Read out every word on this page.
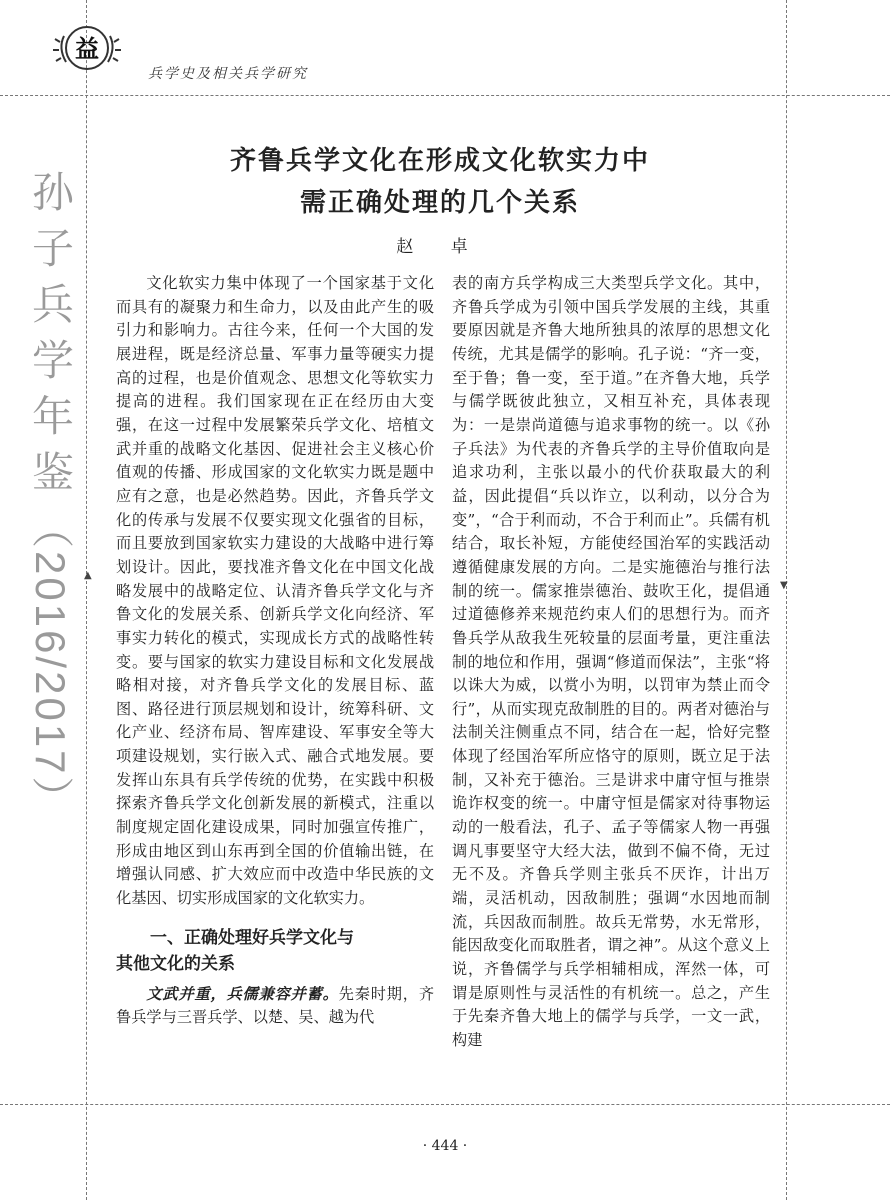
益
兵学史及相关兵学研究
孙子兵学年鉴（2016/2017）	▲
▼
齐鲁兵学文化在形成文化软实力中
需正确处理的几个关系
赵 卓

文化软实力集中体现了一个国家基于文化而具有的凝聚力和生命力，以及由此产生的吸引力和影响力。古往今来，任何一个大国的发展进程，既是经济总量、军事力量等硬实力提高的过程，也是价值观念、思想文化等软实力提高的进程。我们国家现在正在经历由大变强，在这一过程中发展繁荣兵学文化、培植文武并重的战略文化基因、促进社会主义核心价值观的传播、形成国家的文化软实力既是题中应有之意，也是必然趋势。因此，齐鲁兵学文化的传承与发展不仅要实现文化强省的目标，而且要放到国家软实力建设的大战略中进行筹划设计。因此，要找准齐鲁文化在中国文化战略发展中的战略定位、认清齐鲁兵学文化与齐鲁文化的发展关系、创新兵学文化向经济、军事实力转化的模式，实现成长方式的战略性转变。要与国家的软实力建设目标和文化发展战略相对接，对齐鲁兵学文化的发展目标、蓝图、路径进行顶层规划和设计，统筹科研、文化产业、经济布局、智库建设、军事安全等大项建设规划，实行嵌入式、融合式地发展。要发挥山东具有兵学传统的优势，在实践中积极探索齐鲁兵学文化创新发展的新模式，注重以制度规定固化建设成果，同时加强宣传推广，形成由地区到山东再到全国的价值输出链，在增强认同感、扩大效应而中改造中华民族的文化基因、切实形成国家的文化软实力。

一、正确处理好兵学文化与
其他文化的关系

文武并重，兵儒兼容并蓄。先秦时期，齐鲁兵学与三晋兵学、以楚、吴、越为代

表的南方兵学构成三大类型兵学文化。其中，齐鲁兵学成为引领中国兵学发展的主线，其重要原因就是齐鲁大地所独具的浓厚的思想文化传统，尤其是儒学的影响。孔子说：“齐一变，至于鲁；鲁一变，至于道。”在齐鲁大地，兵学与儒学既彼此独立，又相互补充，具体表现为：一是崇尚道德与追求事物的统一。以《孙子兵法》为代表的齐鲁兵学的主导价值取向是追求功利，主张以最小的代价获取最大的利益，因此提倡“兵以诈立，以利动，以分合为变”，“合于利而动，不合于利而止”。兵儒有机结合，取长补短，方能使经国治军的实践活动遵循健康发展的方向。二是实施德治与推行法制的统一。儒家推崇德治、鼓吹王化，提倡通过道德修养来规范约束人们的思想行为。而齐鲁兵学从敌我生死较量的层面考量，更注重法制的地位和作用，强调“修道而保法”，主张“将以诛大为威，以赏小为明，以罚审为禁止而令行”，从而实现克敌制胜的目的。两者对德治与法制关注侧重点不同，结合在一起，恰好完整体现了经国治军所应恪守的原则，既立足于法制，又补充于德治。三是讲求中庸守恒与推崇诡诈权变的统一。中庸守恒是儒家对待事物运动的一般看法，孔子、孟子等儒家人物一再强调凡事要坚守大经大法，做到不偏不倚，无过无不及。齐鲁兵学则主张兵不厌诈，计出万端，灵活机动，因敌制胜；强调“水因地而制流，兵因敌而制胜。故兵无常势，水无常形，能因敌变化而取胜者，谓之神”。从这个意义上说，齐鲁儒学与兵学相辅相成，浑然一体，可谓是原则性与灵活性的有机统一。总之，产生于先秦齐鲁大地上的儒学与兵学，一文一武，构建

· 444 ·
